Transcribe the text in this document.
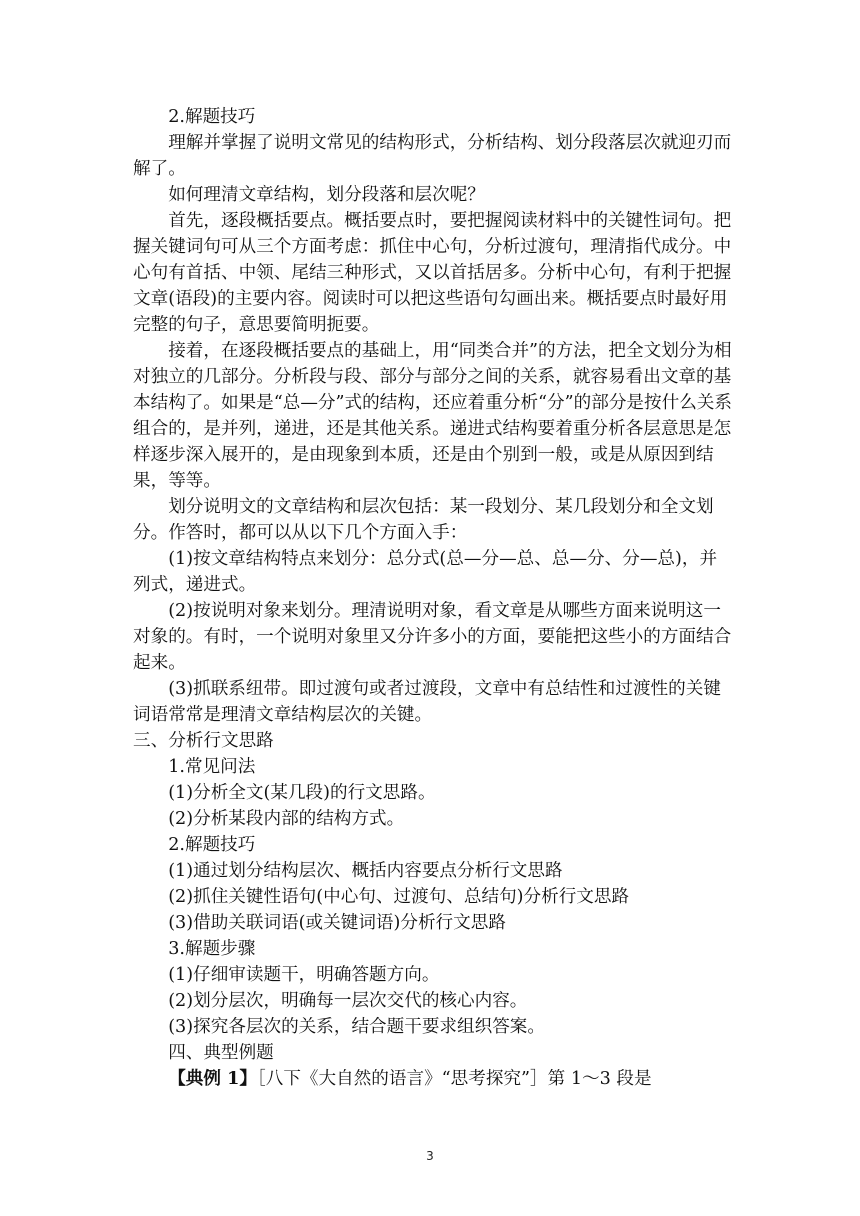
2.解题技巧

理解并掌握了说明文常见的结构形式，分析结构、划分段落层次就迎刃而解了。

如何理清文章结构，划分段落和层次呢？

首先，逐段概括要点。概括要点时，要把握阅读材料中的关键性词句。把握关键词句可从三个方面考虑：抓住中心句，分析过渡句，理清指代成分。中心句有首括、中领、尾结三种形式，又以首括居多。分析中心句，有利于把握文章(语段)的主要内容。阅读时可以把这些语句勾画出来。概括要点时最好用完整的句子，意思要简明扼要。

接着，在逐段概括要点的基础上，用“同类合并”的方法，把全文划分为相对独立的几部分。分析段与段、部分与部分之间的关系，就容易看出文章的基本结构了。如果是“总—分”式的结构，还应着重分析“分”的部分是按什么关系组合的，是并列，递进，还是其他关系。递进式结构要着重分析各层意思是怎样逐步深入展开的，是由现象到本质，还是由个别到一般，或是从原因到结果，等等。

划分说明文的文章结构和层次包括：某一段划分、某几段划分和全文划分。作答时，都可以从以下几个方面入手：

(1)按文章结构特点来划分：总分式(总—分—总、总—分、分—总)，并列式，递进式。

(2)按说明对象来划分。理清说明对象，看文章是从哪些方面来说明这一对象的。有时，一个说明对象里又分许多小的方面，要能把这些小的方面结合起来。

(3)抓联系纽带。即过渡句或者过渡段，文章中有总结性和过渡性的关键词语常常是理清文章结构层次的关键。

三、分析行文思路

1.常见问法

(1)分析全文(某几段)的行文思路。

(2)分析某段内部的结构方式。

2.解题技巧

(1)通过划分结构层次、概括内容要点分析行文思路

(2)抓住关键性语句(中心句、过渡句、总结句)分析行文思路

(3)借助关联词语(或关键词语)分析行文思路

3.解题步骤

(1)仔细审读题干，明确答题方向。

(2)划分层次，明确每一层次交代的核心内容。

(3)探究各层次的关系，结合题干要求组织答案。

四、典型例题

【典例 1】［八下《大自然的语言》“思考探究”］第 1～3 段是

3
